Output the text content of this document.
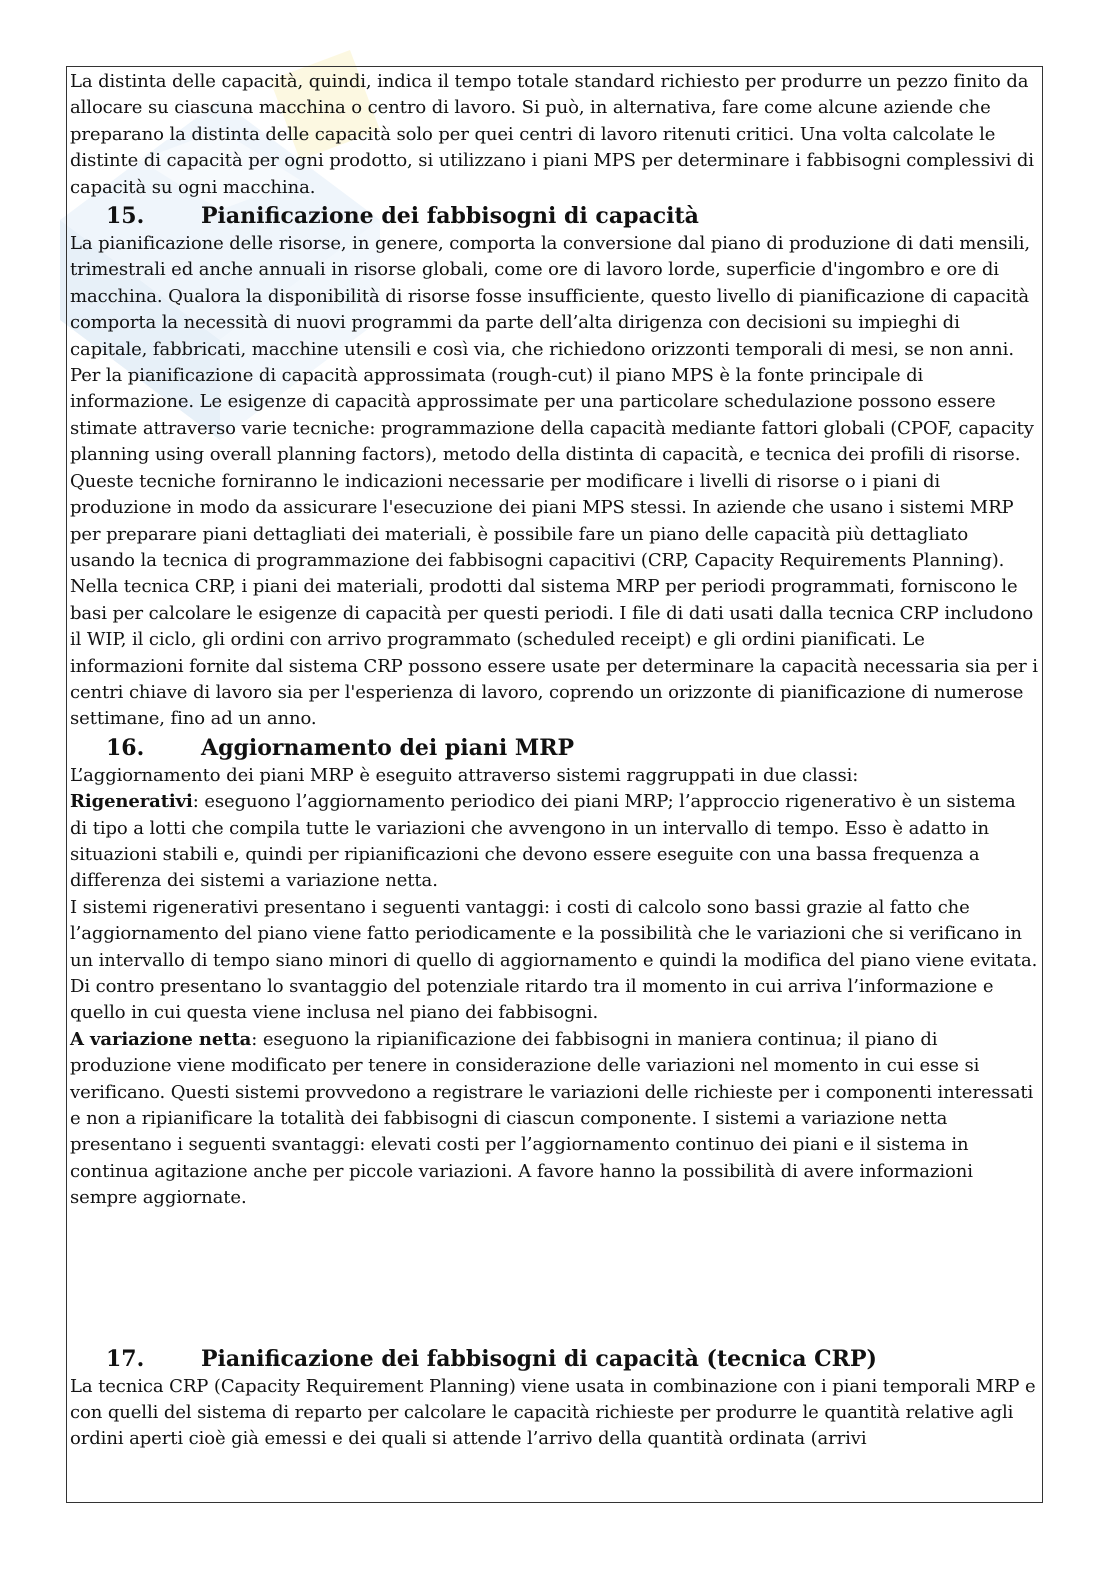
La distinta delle capacità, quindi, indica il tempo totale standard richiesto per produrre un pezzo finito da allocare su ciascuna macchina o centro di lavoro. Si può, in alternativa, fare come alcune aziende che preparano la distinta delle capacità solo per quei centri di lavoro ritenuti critici. Una volta calcolate le distinte di capacità per ogni prodotto, si utilizzano i piani MPS per determinare i fabbisogni complessivi di capacità su ogni macchina.

15.	Pianificazione dei fabbisogni di capacità

La pianificazione delle risorse, in genere, comporta la conversione dal piano di produzione di dati mensili, trimestrali ed anche annuali in risorse globali, come ore di lavoro lorde, superficie d'ingombro e ore di macchina. Qualora la disponibilità di risorse fosse insufficiente, questo livello di pianificazione di capacità comporta la necessità di nuovi programmi da parte dell’alta dirigenza con decisioni su impieghi di capitale, fabbricati, macchine utensili e così via, che richiedono orizzonti temporali di mesi, se non anni. Per la pianificazione di capacità approssimata (rough-cut) il piano MPS è la fonte principale di informazione. Le esigenze di capacità approssimate per una particolare schedulazione possono essere stimate attraverso varie tecniche: programmazione della capacità mediante fattori globali (CPOF, capacity planning using overall planning factors), metodo della distinta di capacità, e tecnica dei profili di risorse. Queste tecniche forniranno le indicazioni necessarie per modificare i livelli di risorse o i piani di produzione in modo da assicurare l'esecuzione dei piani MPS stessi. In aziende che usano i sistemi MRP per preparare piani dettagliati dei materiali, è possibile fare un piano delle capacità più dettagliato usando la tecnica di programmazione dei fabbisogni capacitivi (CRP, Capacity Requirements Planning). Nella tecnica CRP, i piani dei materiali, prodotti dal sistema MRP per periodi programmati, forniscono le basi per calcolare le esigenze di capacità per questi periodi. I file di dati usati dalla tecnica CRP includono il WIP, il ciclo, gli ordini con arrivo programmato (scheduled receipt) e gli ordini pianificati. Le informazioni fornite dal sistema CRP possono essere usate per determinare la capacità necessaria sia per i centri chiave di lavoro sia per l'esperienza di lavoro, coprendo un orizzonte di pianificazione di numerose settimane, fino ad un anno.

16.	Aggiornamento dei piani MRP

L’aggiornamento dei piani MRP è eseguito attraverso sistemi raggruppati in due classi:

Rigenerativi: eseguono l’aggiornamento periodico dei piani MRP; l’approccio rigenerativo è un sistema di tipo a lotti che compila tutte le variazioni che avvengono in un intervallo di tempo. Esso è adatto in situazioni stabili e, quindi per ripianificazioni che devono essere eseguite con una bassa frequenza a differenza dei sistemi a variazione netta.

I sistemi rigenerativi presentano i seguenti vantaggi: i costi di calcolo sono bassi grazie al fatto che l’aggiornamento del piano viene fatto periodicamente e la possibilità che le variazioni che si verificano in un intervallo di tempo siano minori di quello di aggiornamento e quindi la modifica del piano viene evitata. Di contro presentano lo svantaggio del potenziale ritardo tra il momento in cui arriva l’informazione e quello in cui questa viene inclusa nel piano dei fabbisogni.

A variazione netta: eseguono la ripianificazione dei fabbisogni in maniera continua; il piano di produzione viene modificato per tenere in considerazione delle variazioni nel momento in cui esse si verificano. Questi sistemi provvedono a registrare le variazioni delle richieste per i componenti interessati e non a ripianificare la totalità dei fabbisogni di ciascun componente. I sistemi a variazione netta presentano i seguenti svantaggi: elevati costi per l’aggiornamento continuo dei piani e il sistema in continua agitazione anche per piccole variazioni. A favore hanno la possibilità di avere informazioni sempre aggiornate.

17.	Pianificazione dei fabbisogni di capacità (tecnica CRP)

La tecnica CRP (Capacity Requirement Planning) viene usata in combinazione con i piani temporali MRP e con quelli del sistema di reparto per calcolare le capacità richieste per produrre le quantità relative agli ordini aperti cioè già emessi e dei quali si attende l’arrivo della quantità ordinata (arrivi
